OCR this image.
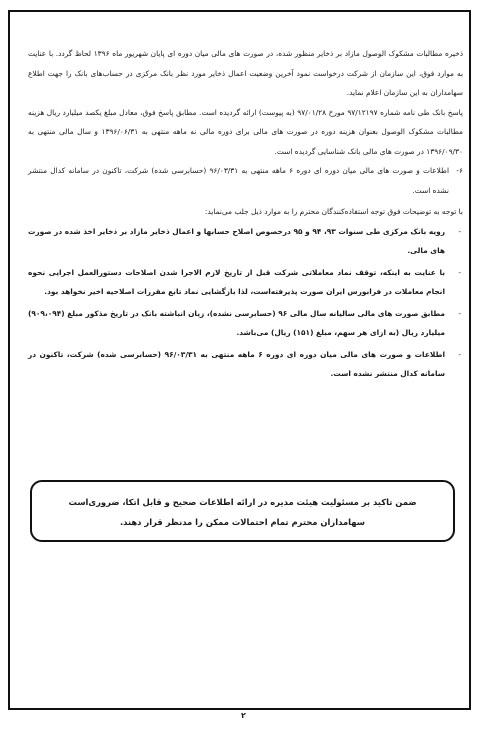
ذخیره مطالبات مشکوک الوصول مازاد بر ذخایر منظور شده، در صورت های مالی میان دوره ای پایان شهریور ماه ۱۳۹۶ لحاظ گردد. با عنایت به موارد فوق، این سازمان از شرکت درخواست نمود آخرین وضعیت اعمال ذخایر مورد نظر بانک مرکزی در حساب‌های بانک را جهت اطلاع سهامداران به این سازمان اعلام نماید.

پاسخ بانک طی نامه شماره ۹۷/۱۲۱۹۷ مورخ ۹۷/۰۱/۲۸ (به پیوست) ارائه گردیده است. مطابق پاسخ فوق، معادل مبلغ یکصد میلیارد ریال هزینه مطالبات مشکوک الوصول بعنوان هزینه دوره در صورت های مالی برای دوره مالی نه ماهه منتهی به ۱۳۹۶/۰۶/۳۱ و سال مالی منتهی به ۱۳۹۶/۰۹/۳۰ در صورت های مالی بانک شناسایی گردیده است.

۶-
اطلاعات و صورت های مالی میان دوره ای دوره ۶ ماهه منتهی به ۹۶/۰۳/۳۱ (حسابرسی شده) شرکت، تاکنون در سامانه کدال منتشر نشده است.

با توجه به توضیحات فوق توجه استفاده‌کنندگان محترم را به موارد ذیل جلب می‌نماید:

-
رویه بانک مرکزی طی سنوات ۹۳، ۹۴ و ۹۵ درخصوص اصلاح حسابها و اعمال ذخایر مازاد بر ذخایر اخذ شده در صورت های مالی.
-
با عنایت به اینکه، توقف نماد معاملاتی شرکت قبل از تاریخ لازم الاجرا شدن اصلاحات دستورالعمل اجرایی نحوه انجام معاملات در فرابورس ایران صورت پذیرفته‌است، لذا بازگشایی نماد تابع مقررات اصلاحیه اخیر نخواهد بود.
-
مطابق صورت های مالی سالیانه سال مالی ۹۶ (حسابرسی نشده)، زیان انباشته بانک در تاریخ مذکور مبلغ (۹۰۹،۰۹۴) میلیارد ریال (به ازای هر سهم، مبلغ (۱۵۱) ریال) می‌باشد.
-
اطلاعات و صورت های مالی میان دوره ای دوره ۶ ماهه منتهی به ۹۶/۰۳/۳۱ (حسابرسی شده) شرکت، تاکنون در سامانه کدال منتشر نشده است.
ضمن تاکید بر مسئولیت هیئت مدیره در ارائه اطلاعات صحیح و قابل اتکا، ضروری‌است سهامداران محترم تمام احتمالات ممکن را مدنظر قرار دهند.
۲
